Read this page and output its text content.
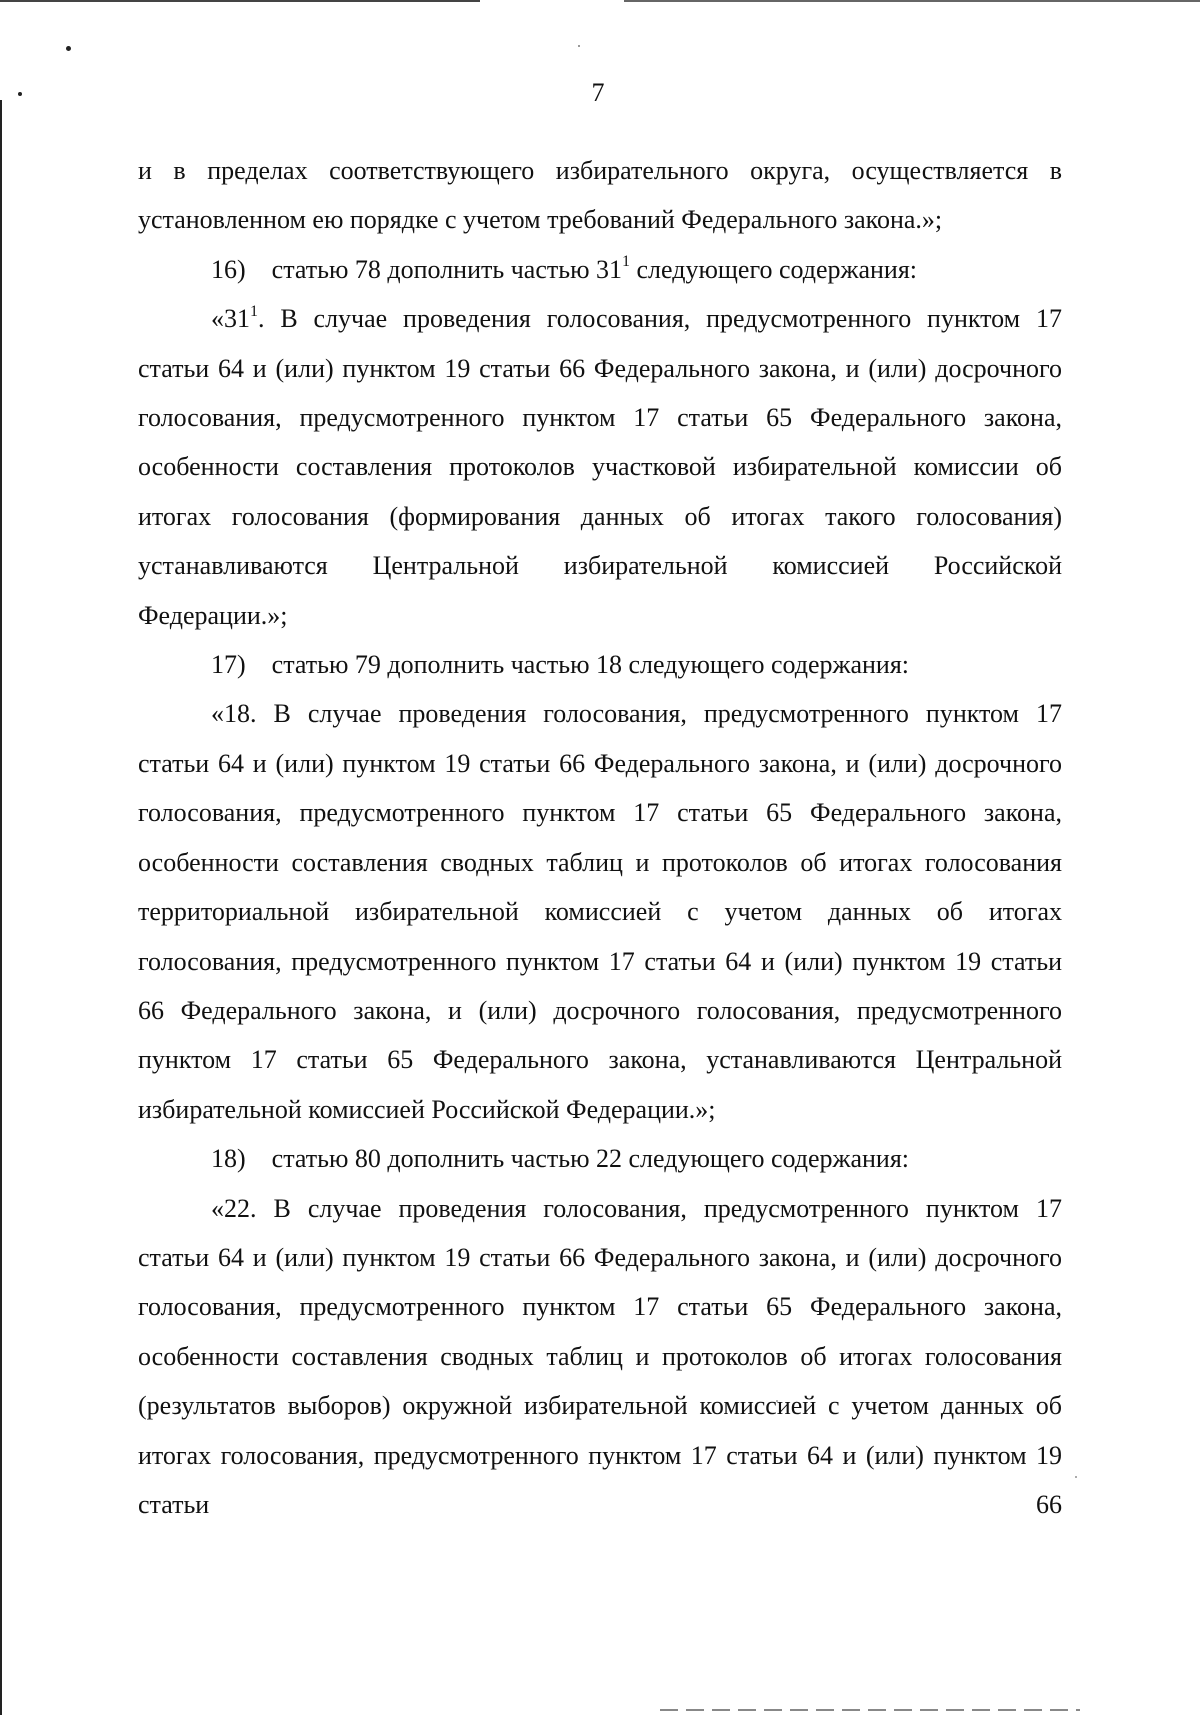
7

и в пределах соответствующего избирательного округа, осуществляется в установленном ею порядке с учетом требований Федерального закона.»;

16)    статью 78 дополнить частью $31^1$ следующего содержания:

«$31^1$. В случае проведения голосования, предусмотренного пунктом 17 статьи 64 и (или) пунктом 19 статьи 66 Федерального закона, и (или) досрочного голосования, предусмотренного пунктом 17 статьи 65 Федерального закона, особенности составления протоколов участковой избирательной комиссии об итогах голосования (формирования данных об итогах такого голосования) устанавливаются Центральной избирательной комиссией Российской Федерации.»;

17)    статью 79 дополнить частью 18 следующего содержания:

«18. В случае проведения голосования, предусмотренного пунктом 17 статьи 64 и (или) пунктом 19 статьи 66 Федерального закона, и (или) досрочного голосования, предусмотренного пунктом 17 статьи 65 Федерального закона, особенности составления сводных таблиц и протоколов об итогах голосования территориальной избирательной комиссией с учетом данных об итогах голосования, предусмотренного пунктом 17 статьи 64 и (или) пунктом 19 статьи 66 Федерального закона, и (или) досрочного голосования, предусмотренного пунктом 17 статьи 65 Федерального закона, устанавливаются Центральной избирательной комиссией Российской Федерации.»;

18)    статью 80 дополнить частью 22 следующего содержания:

«22. В случае проведения голосования, предусмотренного пунктом 17 статьи 64 и (или) пунктом 19 статьи 66 Федерального закона, и (или) досрочного голосования, предусмотренного пунктом 17 статьи 65 Федерального закона, особенности составления сводных таблиц и протоколов об итогах голосования (результатов выборов) окружной избирательной комиссией с учетом данных об итогах голосования, предусмотренного пунктом 17 статьи 64 и (или) пунктом 19 статьи 66
